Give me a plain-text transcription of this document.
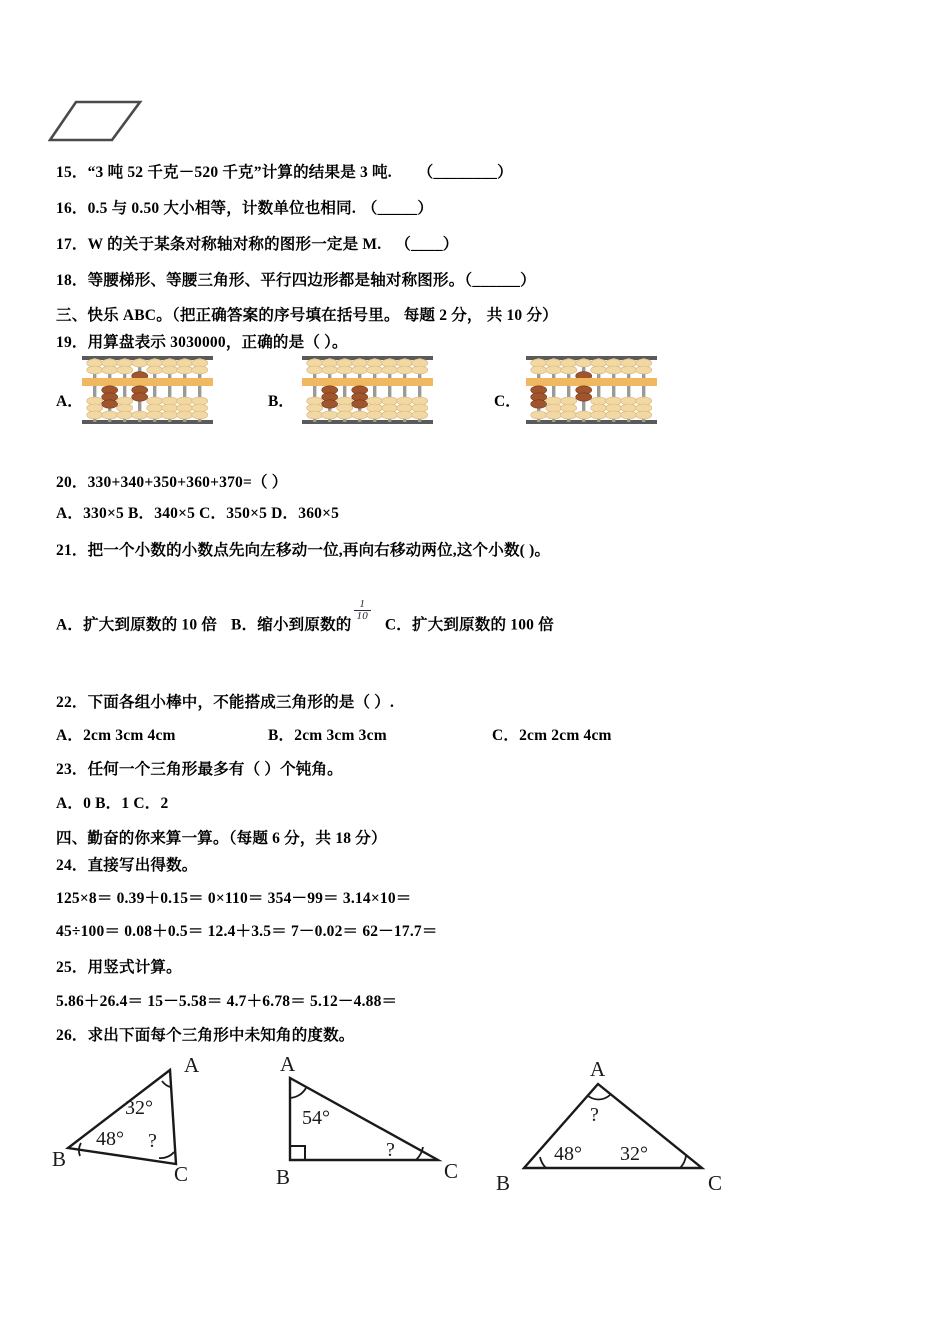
15．“3 吨 52 千克－520 千克”计算的结果是 3 吨. （________）
16．0.5 与 0.50 大小相等，计数单位也相同. （_____）
17．W 的关于某条对称轴对称的图形一定是 M. （____）
18．等腰梯形、等腰三角形、平行四边形都是轴对称图形。（______）
三、快乐 ABC。（把正确答案的序号填在括号里。 每题 2 分， 共 10 分）
19．用算盘表示 3030000，正确的是（ ）。
A．	B．	C．
20．330+340+350+360+370=（ ）
A．330×5 B．340×5 C．350×5 D．360×5
21．把一个小数的小数点先向左移动一位,再向右移动两位,这个小数( )。
A．扩大到原数的 10 倍 B．缩小到原数的
$\frac{1}{10}$
C．扩大到原数的 100 倍
22．下面各组小棒中，不能搭成三角形的是（ ）.
A．2cm 3cm 4cm	B．2cm 3cm 3cm	C．2cm 2cm 4cm
23．任何一个三角形最多有（ ）个钝角。
A．0 B．1 C．2
四、勤奋的你来算一算。（每题 6 分，共 18 分）
24．直接写出得数。
125×8＝ 0.39＋0.15＝ 0×110＝ 354－99＝ 3.14×10＝
45÷100＝ 0.08＋0.5＝ 12.4＋3.5＝ 7－0.02＝ 62－17.7＝
25．用竖式计算。
5.86＋26.4＝ 15－5.58＝ 4.7＋6.78＝ 5.12－4.88＝
26．求出下面每个三角形中未知角的度数。
A
B
C
32°
48° ?
A
B	C
54°
?
A
B	C
?
48° 32°
